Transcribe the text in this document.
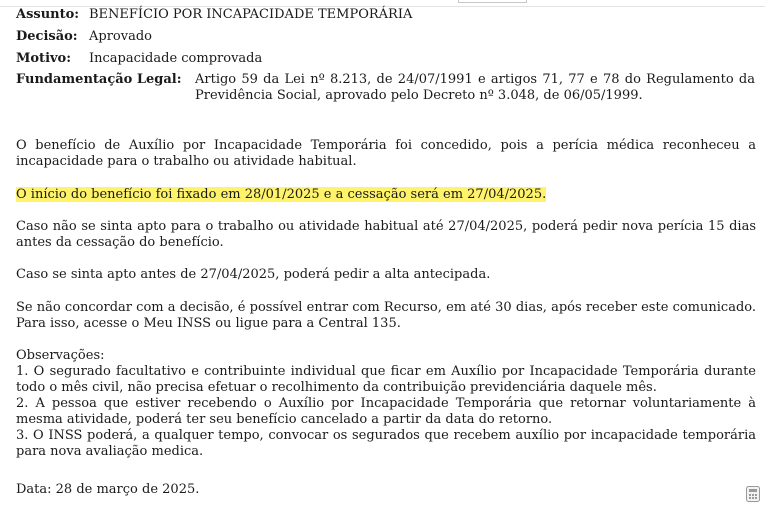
Assunto: BENEFÍCIO POR INCAPACIDADE TEMPORÁRIA
Decisão: Aprovado
Motivo: Incapacidade comprovada
Fundamentação Legal: Artigo 59 da Lei nº 8.213, de 24/07/1991 e artigos 71, 77 e 78 do Regulamento da Previdência Social, aprovado pelo Decreto nº 3.048, de 06/05/1999.
O benefício de Auxílio por Incapacidade Temporária foi concedido, pois a perícia médica reconheceu a incapacidade para o trabalho ou atividade habitual.
O início do benefício foi fixado em 28/01/2025 e a cessação será em 27/04/2025.
Caso não se sinta apto para o trabalho ou atividade habitual até 27/04/2025, poderá pedir nova perícia 15 dias antes da cessação do benefício.
Caso se sinta apto antes de 27/04/2025, poderá pedir a alta antecipada.
Se não concordar com a decisão, é possível entrar com Recurso, em até 30 dias, após receber este comunicado. Para isso, acesse o Meu INSS ou ligue para a Central 135.
Observações:
1. O segurado facultativo e contribuinte individual que ficar em Auxílio por Incapacidade Temporária durante todo o mês civil, não precisa efetuar o recolhimento da contribuição previdenciária daquele mês.
2. A pessoa que estiver recebendo o Auxílio por Incapacidade Temporária que retornar voluntariamente à mesma atividade, poderá ter seu benefício cancelado a partir da data do retorno.
3. O INSS poderá, a qualquer tempo, convocar os segurados que recebem auxílio por incapacidade temporária para nova avaliação medica.
Data: 28 de março de 2025.
